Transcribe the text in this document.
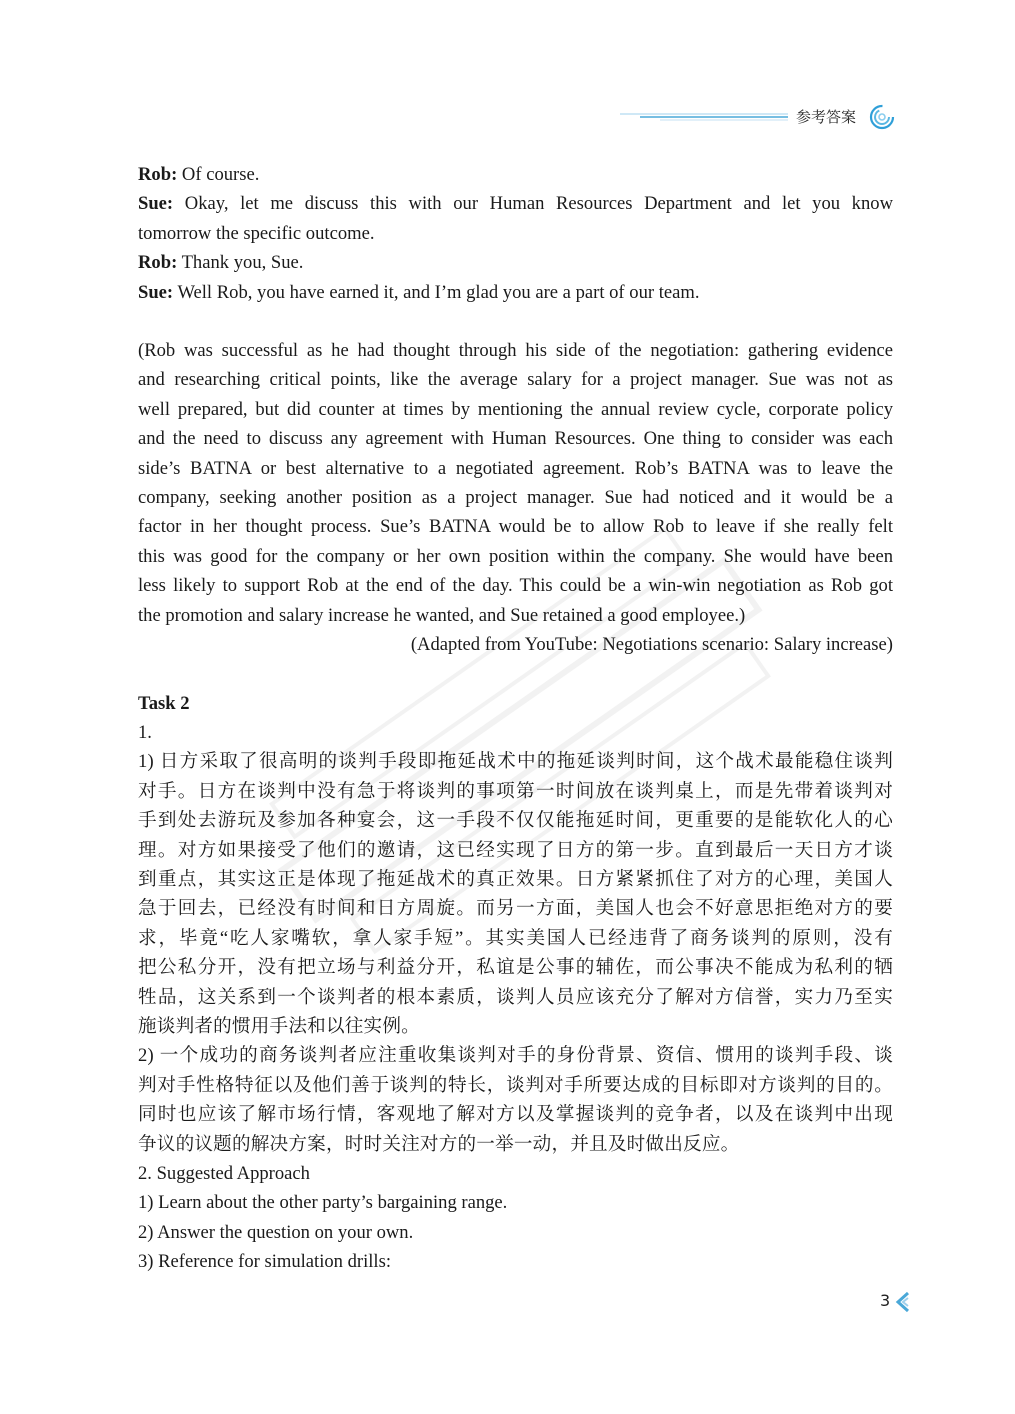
参考答案

Rob: Of course.

Sue: Okay, let me discuss this with our Human Resources Department and let you know

tomorrow the specific outcome.

Rob: Thank you, Sue.

Sue: Well Rob, you have earned it, and I’m glad you are a part of our team.

(Rob was successful as he had thought through his side of the negotiation: gathering evidence

and researching critical points, like the average salary for a project manager. Sue was not as

well prepared, but did counter at times by mentioning the annual review cycle, corporate policy

and the need to discuss any agreement with Human Resources. One thing to consider was each

side’s BATNA or best alternative to a negotiated agreement. Rob’s BATNA was to leave the

company, seeking another position as a project manager. Sue had noticed and it would be a

factor in her thought process. Sue’s BATNA would be to allow Rob to leave if she really felt

this was good for the company or her own position within the company. She would have been

less likely to support Rob at the end of the day. This could be a win-win negotiation as Rob got

the promotion and salary increase he wanted, and Sue retained a good employee.)

(Adapted from YouTube: Negotiations scenario: Salary increase)

Task 2

1.

1) 日方采取了很高明的谈判手段即拖延战术中的拖延谈判时间，这个战术最能稳住谈判

对手。日方在谈判中没有急于将谈判的事项第一时间放在谈判桌上，而是先带着谈判对

手到处去游玩及参加各种宴会，这一手段不仅仅能拖延时间，更重要的是能软化人的心

理。对方如果接受了他们的邀请，这已经实现了日方的第一步。直到最后一天日方才谈

到重点，其实这正是体现了拖延战术的真正效果。日方紧紧抓住了对方的心理，美国人

急于回去，已经没有时间和日方周旋。而另一方面，美国人也会不好意思拒绝对方的要

求，毕竟“吃人家嘴软，拿人家手短”。其实美国人已经违背了商务谈判的原则，没有

把公私分开，没有把立场与利益分开，私谊是公事的辅佐，而公事决不能成为私利的牺

牲品，这关系到一个谈判者的根本素质，谈判人员应该充分了解对方信誉，实力乃至实

施谈判者的惯用手法和以往实例。

2) 一个成功的商务谈判者应注重收集谈判对手的身份背景、资信、惯用的谈判手段、谈

判对手性格特征以及他们善于谈判的特长，谈判对手所要达成的目标即对方谈判的目的。

同时也应该了解市场行情，客观地了解对方以及掌握谈判的竞争者，以及在谈判中出现

争议的议题的解决方案，时时关注对方的一举一动，并且及时做出反应。

2. Suggested Approach

1) Learn about the other party’s bargaining range.

2) Answer the question on your own.

3) Reference for simulation drills:

3
